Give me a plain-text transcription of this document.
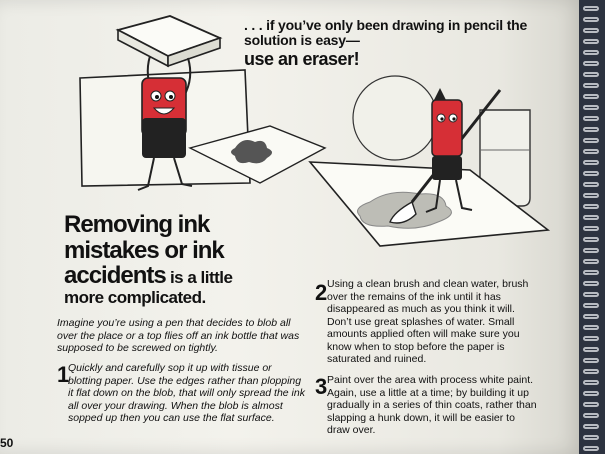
. . . if you’ve only been drawing in pencil the
solution is easy—
use an eraser!
Removing ink
mistakes or ink
accidents is a little
more complicated.
Imagine you’re using a pen that decides to blob all over the place or a top flies off an ink bottle that was supposed to be screwed on tightly.
1
Quickly and carefully sop it up with tissue or blotting paper. Use the edges rather than plopping it flat down on the blob, that will only spread the ink all over your drawing. When the blob is almost sopped up then you can use the flat surface.
2 Using a clean brush and clean water, brush over the remains of the ink until it has disappeared as much as you think it will. Don’t use great splashes of water. Small amounts applied often will make sure you know when to stop before the paper is saturated and ruined.
3 Paint over the area with process white paint. Again, use a little at a time; by building it up gradually in a series of thin coats, rather than slapping a hunk down, it will be easier to draw over.
50
